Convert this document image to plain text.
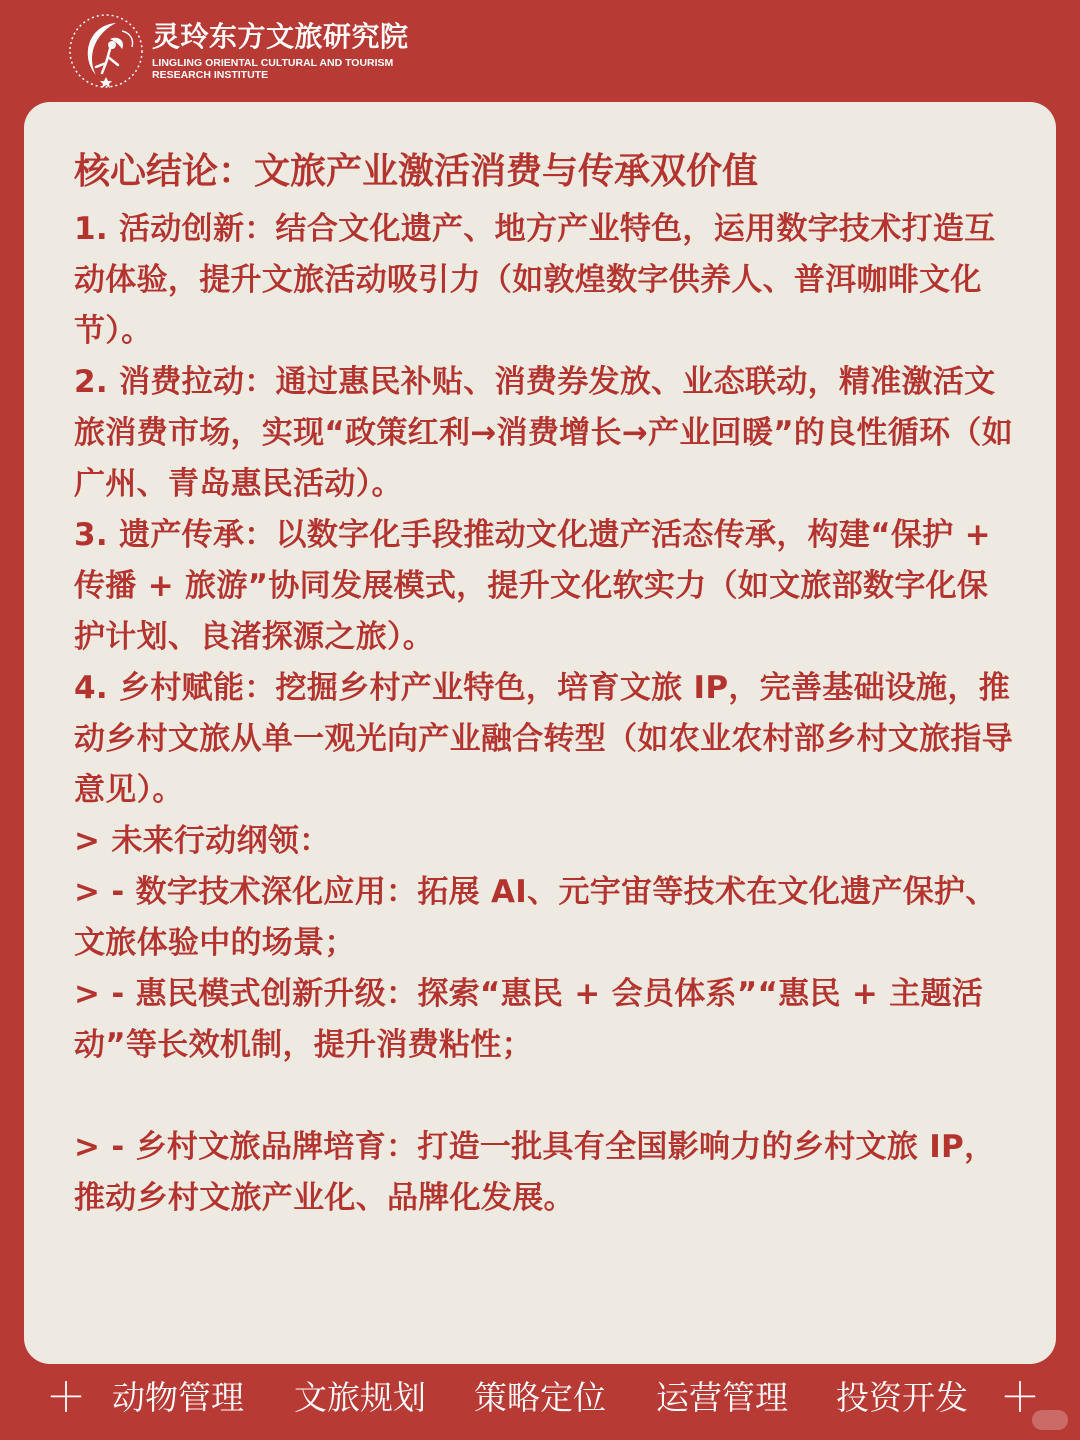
灵玲东方文旅研究院
LINGLING ORIENTAL CULTURAL AND TOURISM
RESEARCH INSTITUTE
核心结论：文旅产业激活消费与传承双价值
1. 活动创新：结合文化遗产、地方产业特色，运用数字技术打造互动体验，提升文旅活动吸引力（如敦煌数字供养人、普洱咖啡文化节）。
2. 消费拉动：通过惠民补贴、消费券发放、业态联动，精准激活文旅消费市场，实现“政策红利→消费增长→产业回暖”的良性循环（如广州、青岛惠民活动）。
3. 遗产传承：以数字化手段推动文化遗产活态传承，构建“保护 + 传播 + 旅游”协同发展模式，提升文化软实力（如文旅部数字化保护计划、良渚探源之旅）。
4. 乡村赋能：挖掘乡村产业特色，培育文旅 IP，完善基础设施，推动乡村文旅从单一观光向产业融合转型（如农业农村部乡村文旅指导意见）。
> 未来行动纲领：
> - 数字技术深化应用：拓展 AI、元宇宙等技术在文化遗产保护、文旅体验中的场景；
> - 惠民模式创新升级：探索“惠民 + 会员体系”“惠民 + 主题活动”等长效机制，提升消费粘性；
> - 乡村文旅品牌培育：打造一批具有全国影响力的乡村文旅 IP，推动乡村文旅产业化、品牌化发展。
＋ 动物管理 文旅规划 策略定位 运营管理 投资开发 ＋
